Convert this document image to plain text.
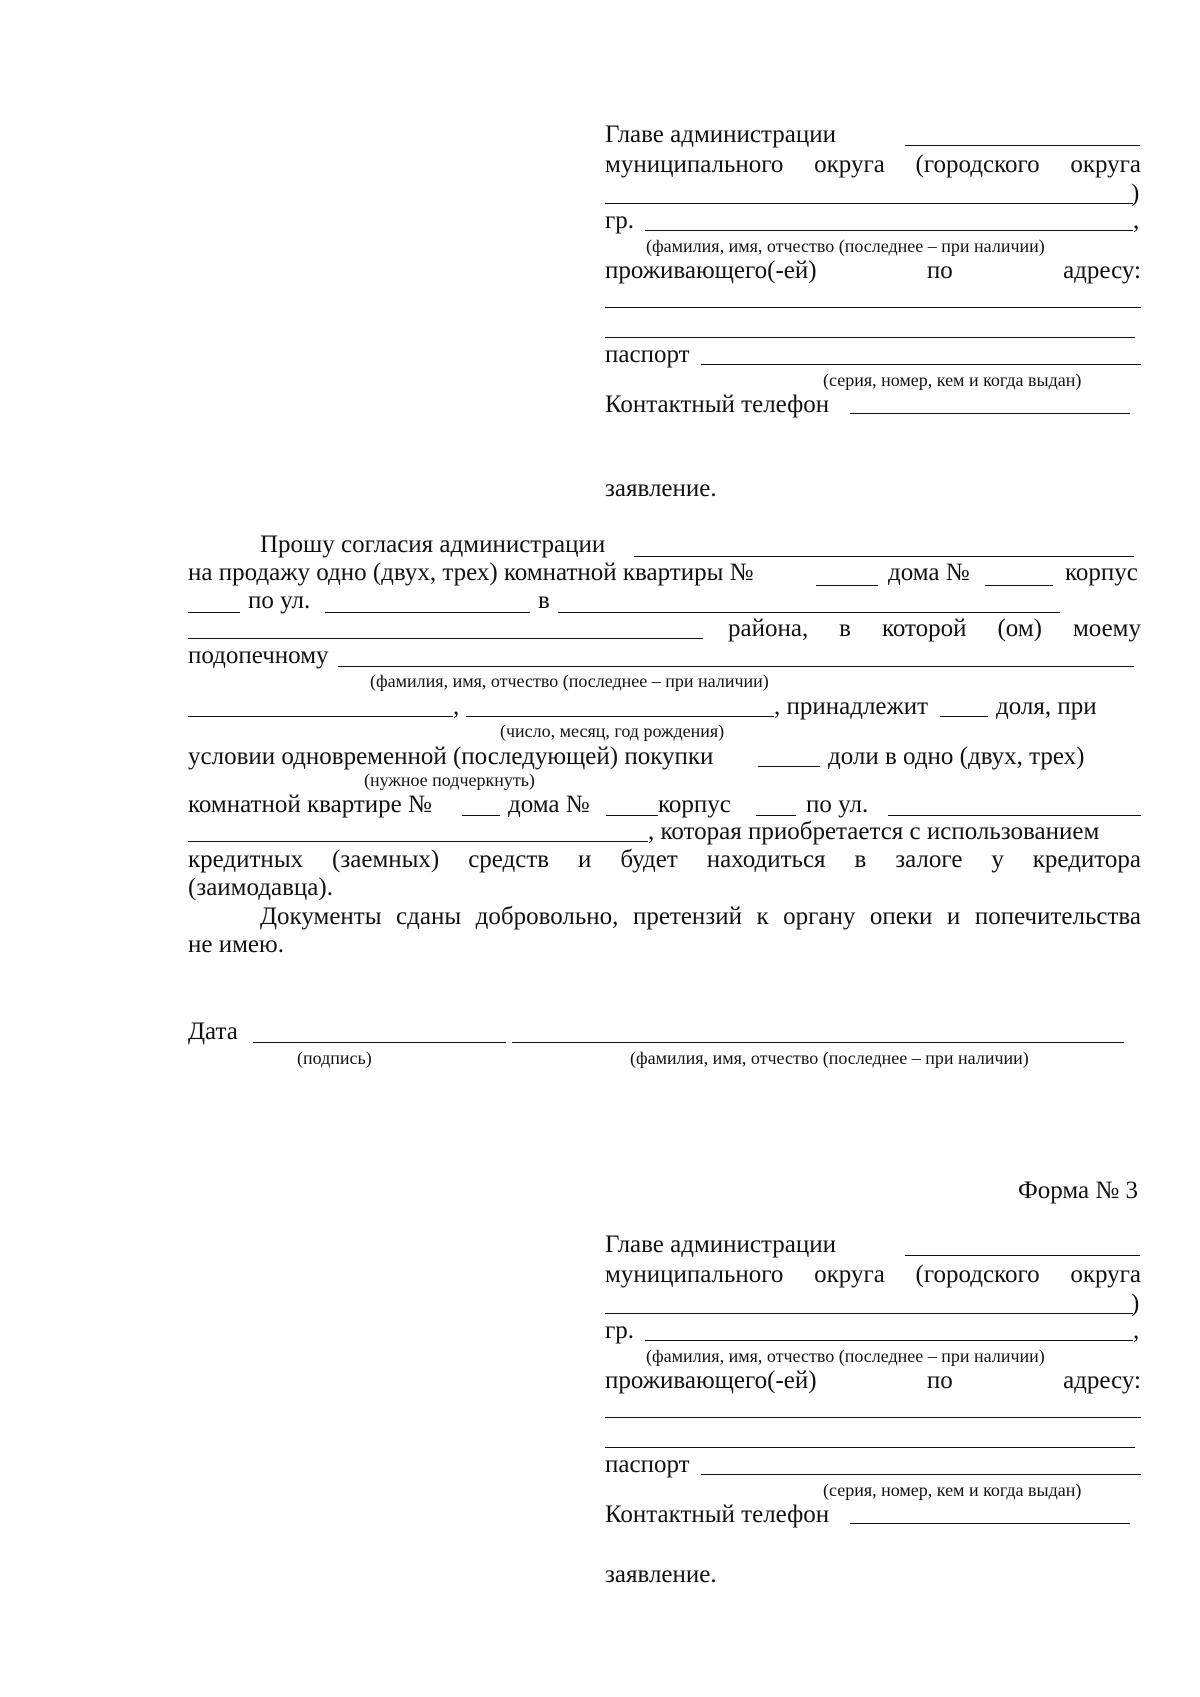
Главе администрации
муниципального округа (городского округа
)
гр.	,
(фамилия, имя, отчество (последнее – при наличии)
проживающего(-ей) по адресу:
паспорт
(серия, номер, кем и когда выдан)
Контактный телефон
заявление.
Прошу согласия администрации
на продажу одно (двух, трех) комнатной квартиры №	дома №	корпус
по ул.	в
района, в которой (ом) моему
подопечному
(фамилия, имя, отчество (последнее – при наличии)
,	, принадлежит	доля, при
(число, месяц, год рождения)
условии одновременной (последующей) покупки	доли в одно (двух, трех)
(нужное подчеркнуть)
комнатной квартире №	дома №	корпус	по ул.
, которая приобретается с использованием
кредитных (заемных) средств и будет находиться в залоге у кредитора
(заимодавца).
Документы сданы добровольно, претензий к органу опеки и попечительства
не имею.
Дата
(подпись)	(фамилия, имя, отчество (последнее – при наличии)
Форма № 3
Главе администрации
муниципального округа (городского округа
)
гр.	,
(фамилия, имя, отчество (последнее – при наличии)
проживающего(-ей) по адресу:
паспорт
(серия, номер, кем и когда выдан)
Контактный телефон
заявление.
